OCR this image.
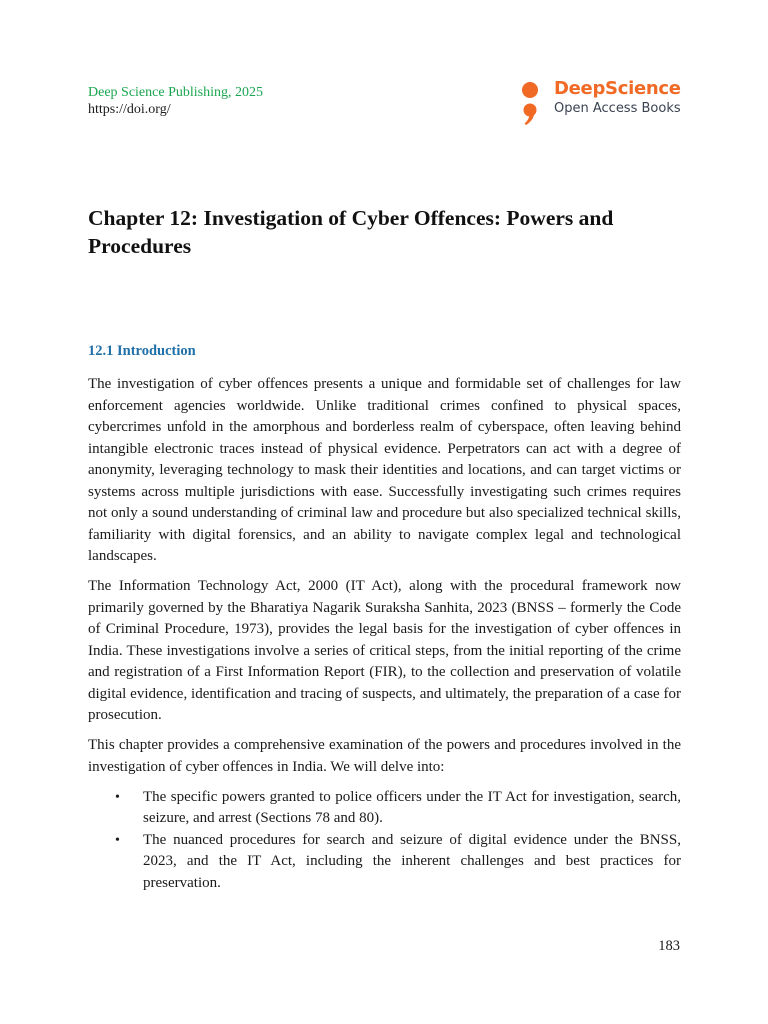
Deep Science Publishing, 2025
https://doi.org/
DeepScience
Open Access Books
Chapter 12: Investigation of Cyber Offences: Powers and Procedures
12.1 Introduction

The investigation of cyber offences presents a unique and formidable set of challenges for law enforcement agencies worldwide. Unlike traditional crimes confined to physical spaces, cybercrimes unfold in the amorphous and borderless realm of cyberspace, often leaving behind intangible electronic traces instead of physical evidence. Perpetrators can act with a degree of anonymity, leveraging technology to mask their identities and locations, and can target victims or systems across multiple jurisdictions with ease. Successfully investigating such crimes requires not only a sound understanding of criminal law and procedure but also specialized technical skills, familiarity with digital forensics, and an ability to navigate complex legal and technological landscapes.

The Information Technology Act, 2000 (IT Act), along with the procedural framework now primarily governed by the Bharatiya Nagarik Suraksha Sanhita, 2023 (BNSS – formerly the Code of Criminal Procedure, 1973), provides the legal basis for the investigation of cyber offences in India. These investigations involve a series of critical steps, from the initial reporting of the crime and registration of a First Information Report (FIR), to the collection and preservation of volatile digital evidence, identification and tracing of suspects, and ultimately, the preparation of a case for prosecution.

This chapter provides a comprehensive examination of the powers and procedures involved in the investigation of cyber offences in India. We will delve into:

• The specific powers granted to police officers under the IT Act for investigation, search, seizure, and arrest (Sections 78 and 80).
• The nuanced procedures for search and seizure of digital evidence under the BNSS, 2023, and the IT Act, including the inherent challenges and best practices for preservation.
183
